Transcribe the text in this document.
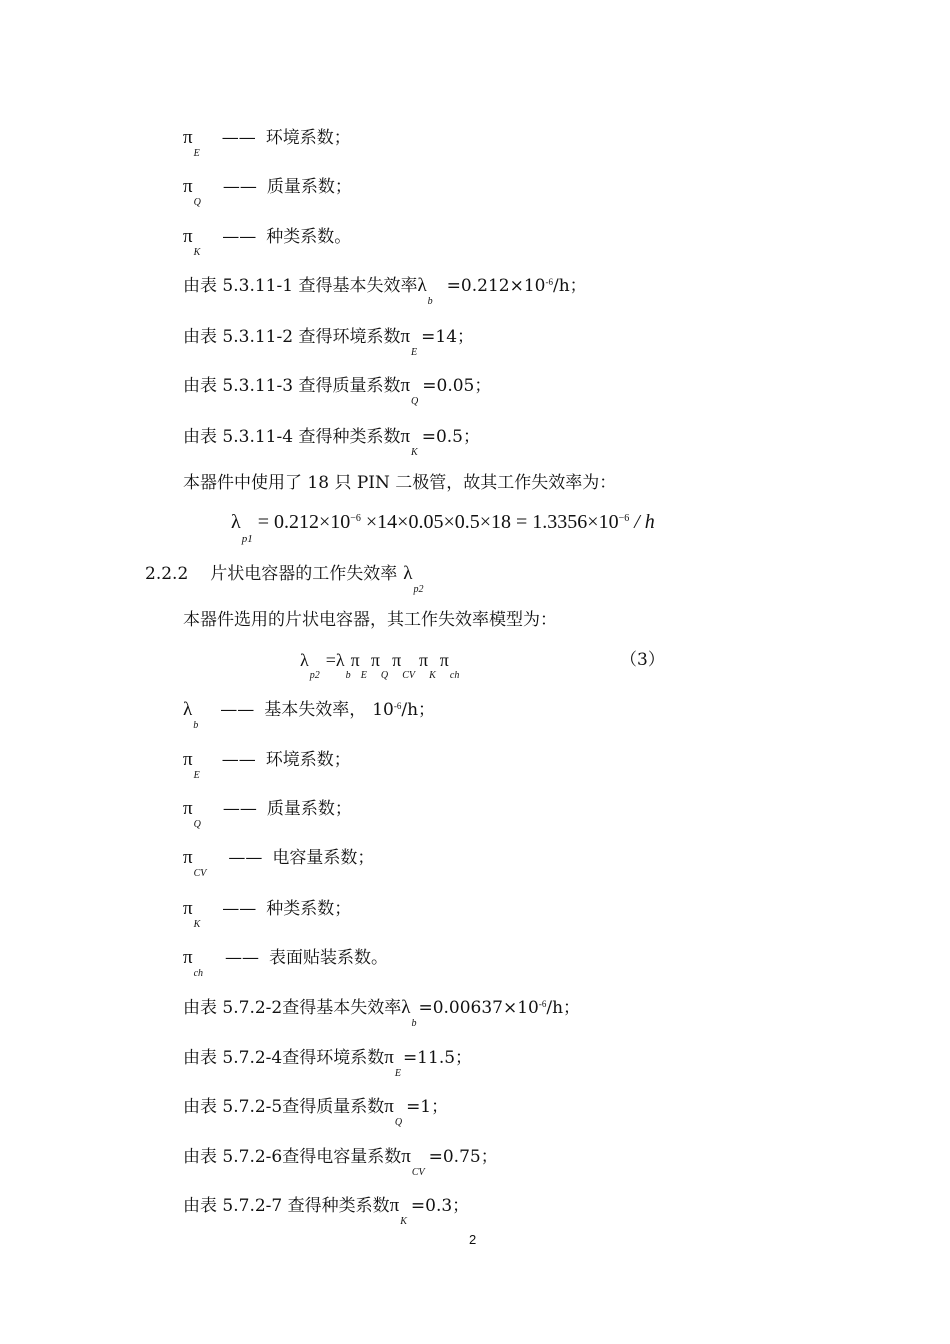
$\pi_E——$ 环境系数；
$\pi_Q——$ 质量系数；
$\pi_K——$ 种类系数。
由表 5.3.11-1 查得基本失效率$\lambda_b=0.212\times 10^{-6}/h$；
由表 5.3.11-2 查得环境系数$\pi_E=14$；
由表 5.3.11-3 查得质量系数$\pi_Q=0.05$；
由表 5.3.11-4 查得种类系数$\pi_K=0.5$；
本器件中使用了 18 只 PIN 二极管，故其工作失效率为：
$\lambda_{p1} = 0.212\times 10^{-6} \times 14\times 0.05\times 0.5\times 18 = 1.3356\times 10^{-6} / h$
2.2.2 片状电容器的工作失效率 $\lambda_{p2}$
本器件选用的片状电容器，其工作失效率模型为：
$\lambda_{p2}=\lambda_b\pi_E\pi_Q\pi_{CV}\pi_K\pi_{ch}$
（3）
$\lambda_b——$ 基本失效率， $10^{-6}/h$；
$\pi_E——$ 环境系数；
$\pi_Q——$ 质量系数；
$\pi_{CV}——$ 电容量系数；
$\pi_K——$ 种类系数；
$\pi_{ch}——$ 表面贴装系数。
由表 5.7.2-2查得基本失效率$\lambda_b=0.00637\times 10^{-6}/h$；
由表 5.7.2-4查得环境系数$\pi_E=11.5$；
由表 5.7.2-5查得质量系数$\pi_Q=1$；
由表 5.7.2-6查得电容量系数$\pi_{CV}=0.75$；
由表 5.7.2-7 查得种类系数$\pi_K=0.3$；
2
